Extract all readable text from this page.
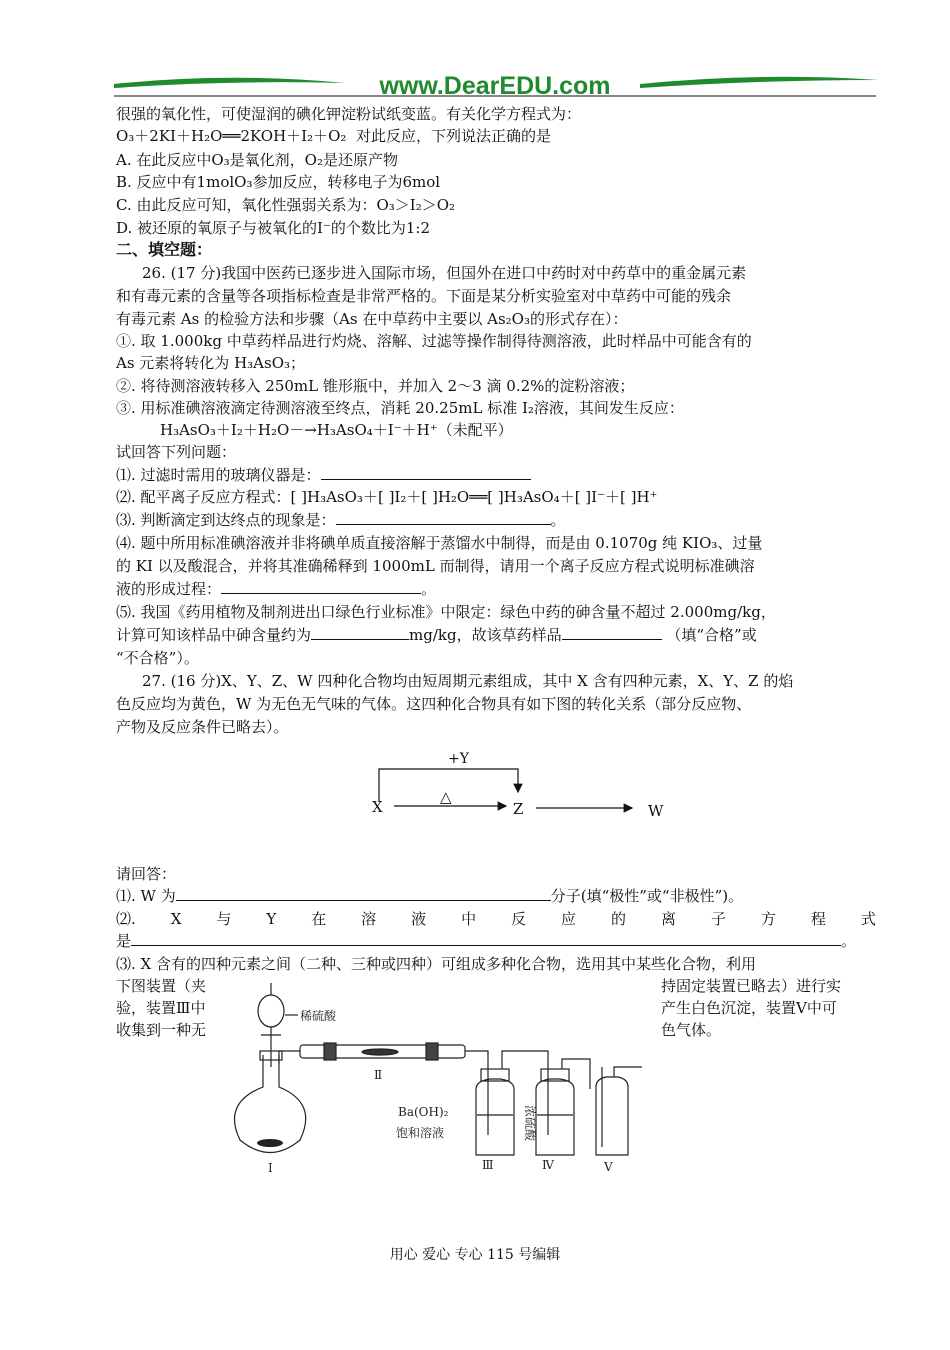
www.DearEDU.com
很强的氧化性，可使湿润的碘化钾淀粉试纸变蓝。有关化学方程式为：
O₃＋2KI＋H₂O══2KOH＋I₂＋O₂ 对此反应，下列说法正确的是
A. 在此反应中O₃是氧化剂，O₂是还原产物
B. 反应中有1molO₃参加反应，转移电子为6mol
C. 由此反应可知，氧化性强弱关系为：O₃＞I₂＞O₂
D. 被还原的氧原子与被氧化的I⁻的个数比为1:2
二、填空题：
26. (17 分)我国中医药已逐步进入国际市场，但国外在进口中药时对中药草中的重金属元素
和有毒元素的含量等各项指标检查是非常严格的。下面是某分析实验室对中草药中可能的残余
有毒元素 As 的检验方法和步骤（As 在中草药中主要以 As₂O₃的形式存在）：
①. 取 1.000kg 中草药样品进行灼烧、溶解、过滤等操作制得待测溶液，此时样品中可能含有的
As 元素将转化为 H₃AsO₃；
②. 将待测溶液转移入 250mL 锥形瓶中，并加入 2～3 滴 0.2%的淀粉溶液；
③. 用标准碘溶液滴定待测溶液至终点，消耗 20.25mL 标准 I₂溶液，其间发生反应：
H₃AsO₃＋I₂＋H₂O－→H₃AsO₄＋I⁻＋H⁺（未配平）
试回答下列问题：
⑴. 过滤时需用的玻璃仪器是：
⑵. 配平离子反应方程式：[ ]H₃AsO₃＋[ ]I₂＋[ ]H₂O══[ ]H₃AsO₄＋[ ]I⁻＋[ ]H⁺
⑶. 判断滴定到达终点的现象是：	。
⑷. 题中所用标准碘溶液并非将碘单质直接溶解于蒸馏水中制得，而是由 0.1070g 纯 KIO₃、过量
的 KI 以及酸混合，并将其准确稀释到 1000mL 而制得，请用一个离子反应方程式说明标准碘溶
液的形成过程：	。
⑸. 我国《药用植物及制剂进出口绿色行业标准》中限定：绿色中药的砷含量不超过 2.000mg/kg，
计算可知该样品中砷含量约为	mg/kg，故该草药样品	（填“合格”或
“不合格”）。
27. (16 分)X、Y、Z、W 四种化合物均由短周期元素组成，其中 X 含有四种元素，X、Y、Z 的焰
色反应均为黄色，W 为无色无气味的气体。这四种化合物具有如下图的转化关系（部分反应物、
产物及反应条件已略去）。
+Y
X
△
Z	W
请回答：
⑴. W 为	分子(填“极性”或“非极性”)。
⑵. X 与 Y 在 溶 液 中 反 应 的 离 子 方 程 式
是	。
⑶. X 含有的四种元素之间（二种、三种或四种）可组成多种化合物，选用其中某些化合物，利用
下图装置（夹
验，装置Ⅲ中
收集到一种无
持固定装置已略去）进行实
产生白色沉淀，装置Ⅴ中可
色气体。
稀硫酸
Ⅱ
Ⅰ
Ba(OH)₂
饱和溶液
Ⅲ	Ⅳ	Ⅴ
浓硫酸
用心 爱心 专心 115 号编辑
